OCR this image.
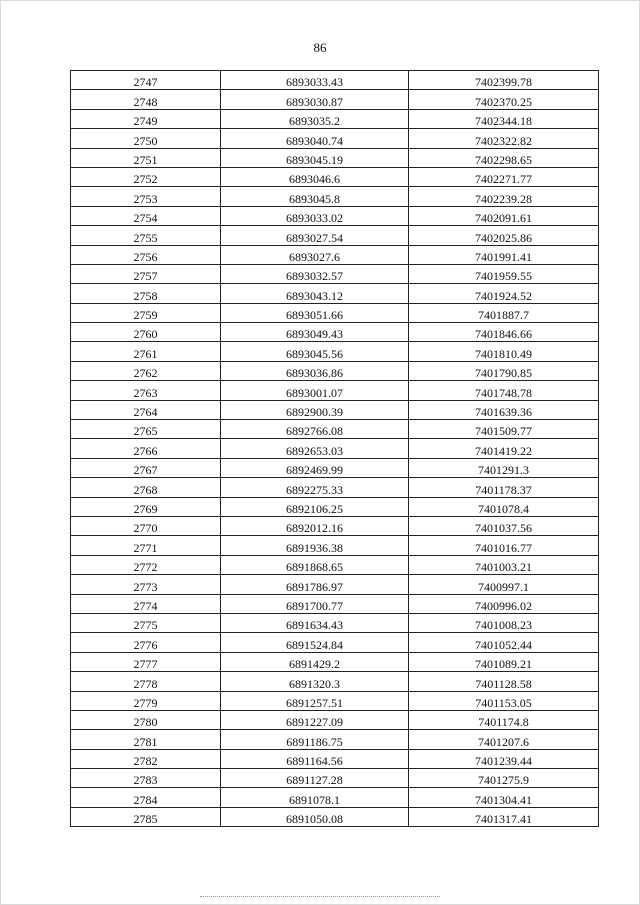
86
2747	6893033.43	7402399.78
2748	6893030.87	7402370.25
2749	6893035.2	7402344.18
2750	6893040.74	7402322.82
2751	6893045.19	7402298.65
2752	6893046.6	7402271.77
2753	6893045.8	7402239.28
2754	6893033.02	7402091.61
2755	6893027.54	7402025.86
2756	6893027.6	7401991.41
2757	6893032.57	7401959.55
2758	6893043.12	7401924.52
2759	6893051.66	7401887.7
2760	6893049.43	7401846.66
2761	6893045.56	7401810.49
2762	6893036.86	7401790.85
2763	6893001.07	7401748.78
2764	6892900.39	7401639.36
2765	6892766.08	7401509.77
2766	6892653.03	7401419.22
2767	6892469.99	7401291.3
2768	6892275.33	7401178.37
2769	6892106.25	7401078.4
2770	6892012.16	7401037.56
2771	6891936.38	7401016.77
2772	6891868.65	7401003.21
2773	6891786.97	7400997.1
2774	6891700.77	7400996.02
2775	6891634.43	7401008.23
2776	6891524.84	7401052.44
2777	6891429.2	7401089.21
2778	6891320.3	7401128.58
2779	6891257.51	7401153.05
2780	6891227.09	7401174.8
2781	6891186.75	7401207.6
2782	6891164.56	7401239.44
2783	6891127.28	7401275.9
2784	6891078.1	7401304.41
2785	6891050.08	7401317.41
